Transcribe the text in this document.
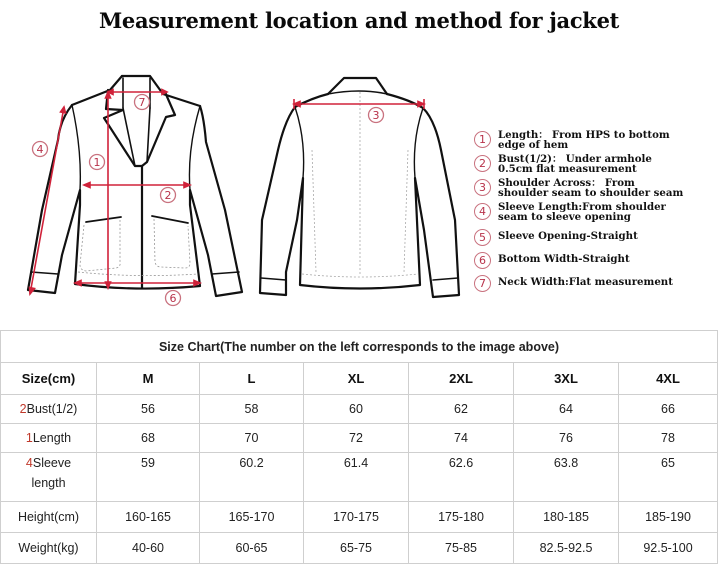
Measurement location and method for jacket
7
1
2
4
6
3
1	Length： From HPS to bottom
edge of hem
2	Bust(1/2)： Under armhole
0.5cm flat measurement
3	Shoulder Across： From
shoulder seam to shoulder seam
4	Sleeve Length:From shoulder
seam to sleeve opening
5	Sleeve Opening-Straight
6	Bottom Width-Straight
7	Neck Width:Flat measurement
Size Chart(The number on the left corresponds to the image above)						
Size(cm)	M	L	XL	2XL	3XL	4XL
2Bust(1/2)	56	58	60	62	64	66
1Length	68	70	72	74	76	78
4Sleeve
length	59	60.2	61.4	62.6	63.8	65
Height(cm)	160-165	165-170	170-175	175-180	180-185	185-190
Weight(kg)	40-60	60-65	65-75	75-85	82.5-92.5	92.5-100
